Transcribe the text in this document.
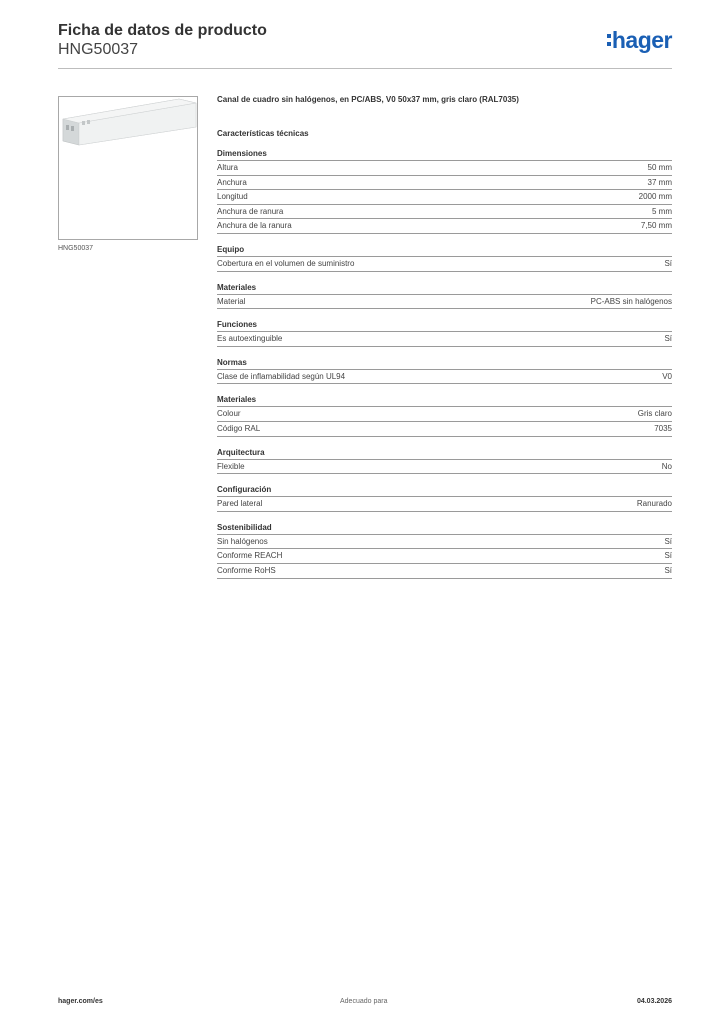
Ficha de datos de producto
HNG50037	hager
HNG50037
Canal de cuadro sin halógenos, en PC/ABS, V0 50x37 mm, gris claro (RAL7035)
Características técnicas
Dimensiones
Altura	50 mm
Anchura	37 mm
Longitud	2000 mm
Anchura de ranura	5 mm
Anchura de la ranura	7,50 mm
Equipo
Cobertura en el volumen de suministro	Sí
Materiales
Material	PC-ABS sin halógenos
Funciones
Es autoextinguible	Sí
Normas
Clase de inflamabilidad según UL94	V0
Materiales
Colour	Gris claro
Código RAL	7035
Arquitectura
Flexible	No
Configuración
Pared lateral	Ranurado
Sostenibilidad
Sin halógenos	Sí
Conforme REACH	Sí
Conforme RoHS	Sí
hager.com/es	Adecuado para	04.03.2026
